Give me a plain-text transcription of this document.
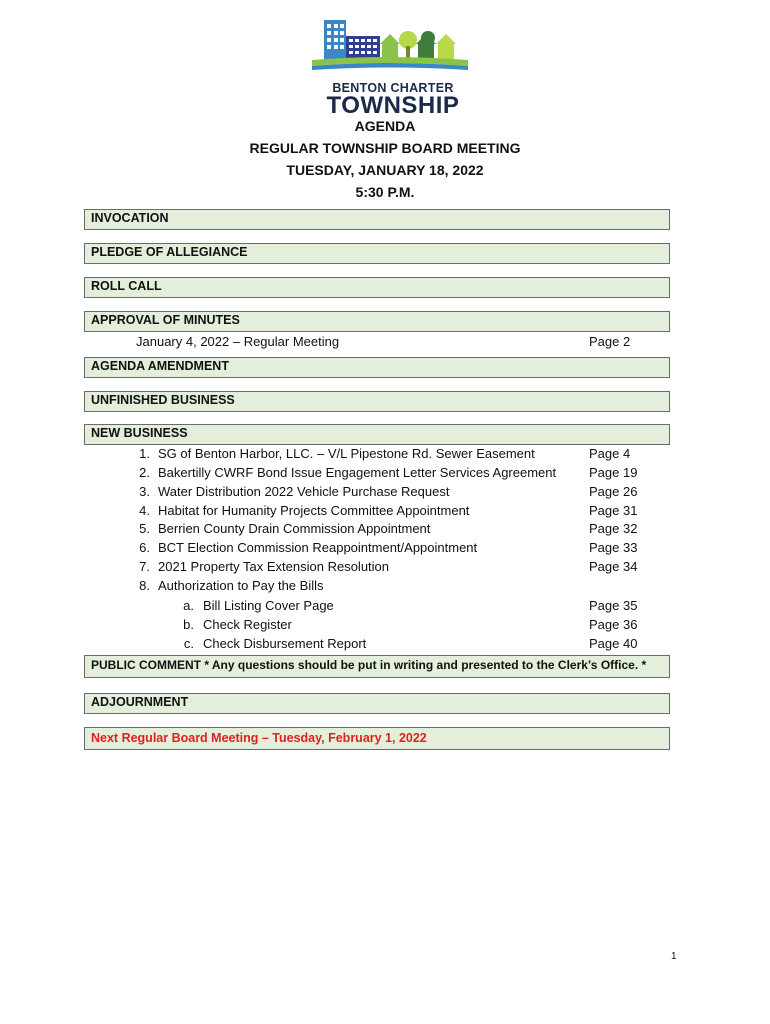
BENTON CHARTER
TOWNSHIP
AGENDA
REGULAR TOWNSHIP BOARD MEETING
TUESDAY, JANUARY 18, 2022
5:30 P.M.
INVOCATION
PLEDGE OF ALLEGIANCE
ROLL CALL
APPROVAL OF MINUTES
January 4, 2022 – Regular Meeting	Page 2
AGENDA AMENDMENT
UNFINISHED BUSINESS
NEW BUSINESS
1. SG of Benton Harbor, LLC. – V/L Pipestone Rd. Sewer Easement	Page 4
2. Bakertilly CWRF Bond Issue Engagement Letter Services Agreement	Page 19
3. Water Distribution 2022 Vehicle Purchase Request	Page 26
4. Habitat for Humanity Projects Committee Appointment	Page 31
5. Berrien County Drain Commission Appointment	Page 32
6. BCT Election Commission Reappointment/Appointment	Page 33
7. 2021 Property Tax Extension Resolution	Page 34
8. Authorization to Pay the Bills
a. Bill Listing Cover Page	Page 35
b. Check Register	Page 36
c. Check Disbursement Report	Page 40
PUBLIC COMMENT * Any questions should be put in writing and presented to the Clerk’s Office. *
ADJOURNMENT
Next Regular Board Meeting – Tuesday, February 1, 2022
1
